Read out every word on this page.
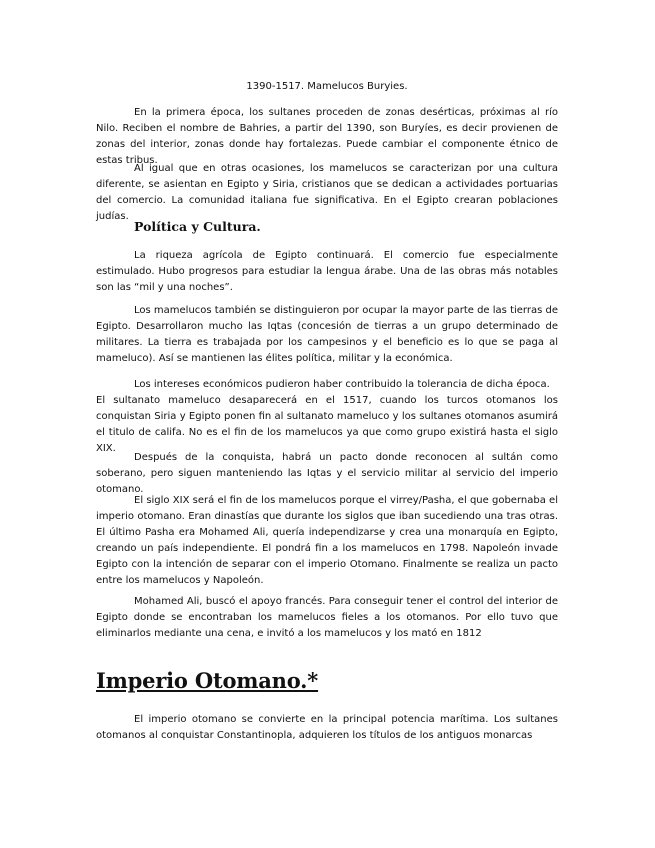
1390-1517. Mamelucos Buryies.

En la primera época, los sultanes proceden de zonas desérticas, próximas al río Nilo. Reciben el nombre de Bahries, a partir del 1390, son Buryíes, es decir provienen de zonas del interior, zonas donde hay fortalezas. Puede cambiar el componente étnico de estas tribus.

Al igual que en otras ocasiones, los mamelucos se caracterizan por una cultura diferente, se asientan en Egipto y Siria, cristianos que se dedican a actividades portuarias del comercio. La comunidad italiana fue significativa. En el Egipto crearan poblaciones judías.

Política y Cultura.

La riqueza agrícola de Egipto continuará. El comercio fue especialmente estimulado. Hubo progresos para estudiar la lengua árabe. Una de las obras más notables son las “mil y una noches”.

Los mamelucos también se distinguieron por ocupar la mayor parte de las tierras de Egipto. Desarrollaron mucho las Iqtas (concesión de tierras a un grupo determinado de militares. La tierra es trabajada por los campesinos y el beneficio es lo que se paga al mameluco). Así se mantienen las élites política, militar y la económica.

Los intereses económicos pudieron haber contribuido la tolerancia de dicha época.

El sultanato mameluco desaparecerá en el 1517, cuando los turcos otomanos los conquistan Siria y Egipto ponen fin al sultanato mameluco y los sultanes otomanos asumirá el titulo de califa. No es el fin de los mamelucos ya que como grupo existirá hasta el siglo XIX.

Después de la conquista, habrá un pacto donde reconocen al sultán como soberano, pero siguen manteniendo las Iqtas y el servicio militar al servicio del imperio otomano.

El siglo XIX será el fin de los mamelucos porque el virrey/Pasha, el que gobernaba el imperio otomano. Eran dinastías que durante los siglos que iban sucediendo una tras otras. El último Pasha era Mohamed Ali, quería independizarse y crea una monarquía en Egipto, creando un país independiente. El pondrá fin a los mamelucos en 1798. Napoleón invade Egipto con la intención de separar con el imperio Otomano. Finalmente se realiza un pacto entre los mamelucos y Napoleón.

Mohamed Ali, buscó el apoyo francés. Para conseguir tener el control del interior de Egipto donde se encontraban los mamelucos fieles a los otomanos. Por ello tuvo que eliminarlos mediante una cena, e invitó a los mamelucos y los mató en 1812

Imperio Otomano.*

El imperio otomano se convierte en la principal potencia marítima. Los sultanes otomanos al conquistar Constantinopla, adquieren los títulos de los antiguos monarcas
